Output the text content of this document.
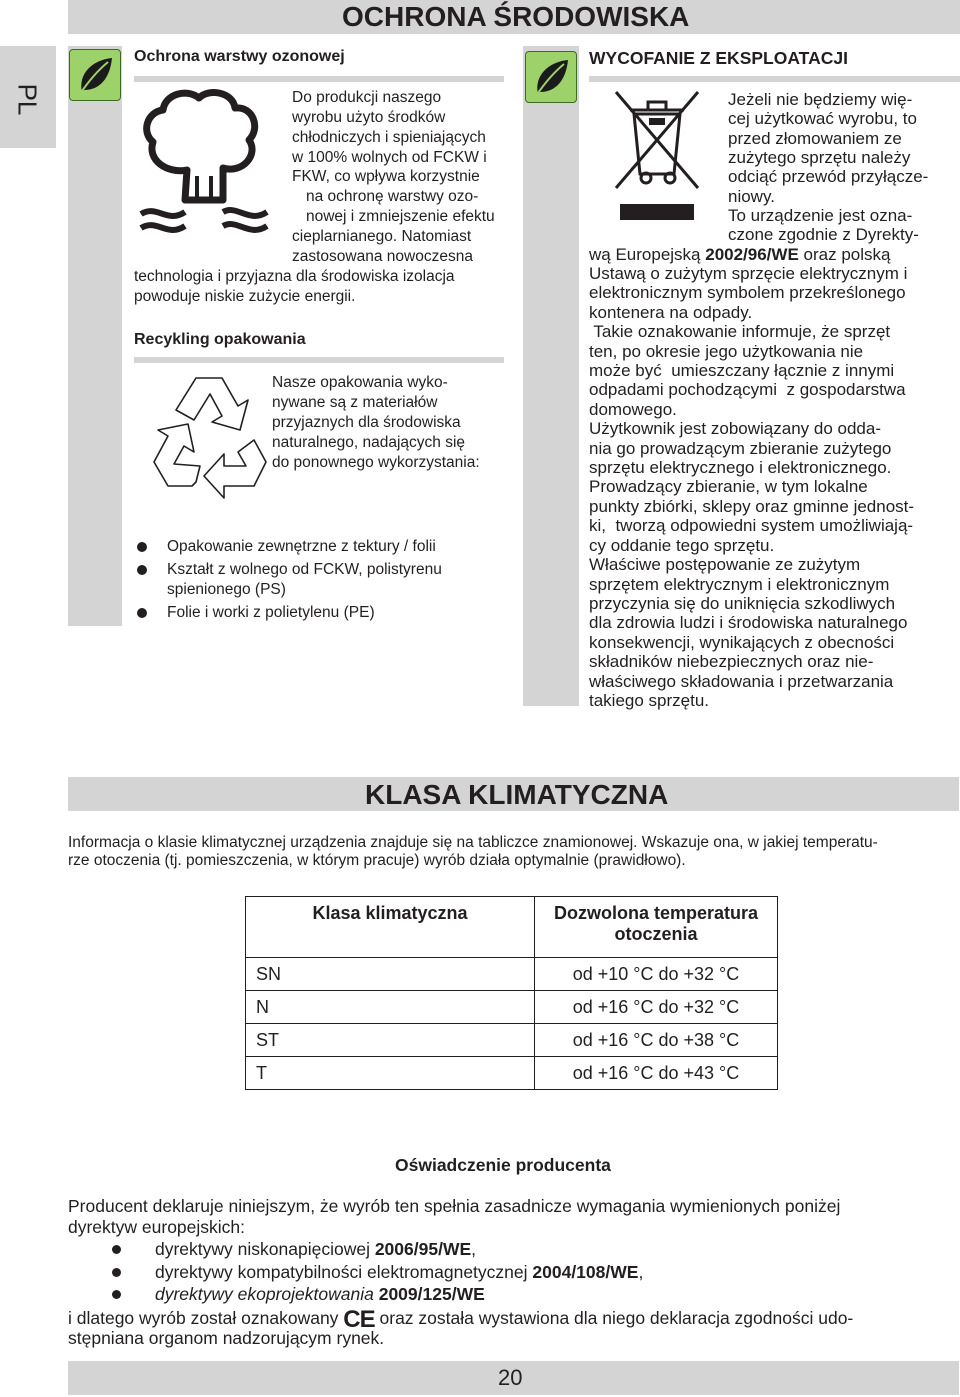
OCHRONA ŚRODOWISKA
PL
Ochrona warstwy ozonowej
Do produkcji naszego
wyrobu użyto środków
chłodniczych i spieniających
w 100% wolnych od FCKW i
FKW, co wpływa korzystnie
na ochronę warstwy ozo-
nowej i zmniejszenie efektu
cieplarnianego. Natomiast
zastosowana nowoczesna
technologia i przyjazna dla środowiska izolacja
powoduje niskie zużycie energii.
Recykling opakowania
Nasze opakowania wyko-
nywane są z materiałów
przyjaznych dla środowiska
naturalnego, nadających się
do ponownego wykorzystania:
Opakowanie zewnętrzne z tektury / folii
Kształt z wolnego od FCKW, polistyrenu
spienionego (PS)
Folie i worki z polietylenu (PE)
WYCOFANIE Z EKSPLOATACJI
Jeżeli nie będziemy wię-
cej użytkować wyrobu, to
przed złomowaniem ze
zużytego sprzętu należy
odciąć przewód przyłącze-
niowy.
To urządzenie jest ozna-
czone zgodnie z Dyrekty-
wą Europejską 2002/96/WE oraz polską
Ustawą o zużytym sprzęcie elektrycznym i
elektronicznym symbolem przekreślonego
kontenera na odpady.
Takie oznakowanie informuje, że sprzęt
ten, po okresie jego użytkowania nie
może być  umieszczany łącznie z innymi
odpadami pochodzącymi  z gospodarstwa
domowego.
Użytkownik jest zobowiązany do odda-
nia go prowadzącym zbieranie zużytego
sprzętu elektrycznego i elektronicznego.
Prowadzący zbieranie, w tym lokalne
punkty zbiórki, sklepy oraz gminne jednost-
ki,  tworzą odpowiedni system umożliwiają-
cy oddanie tego sprzętu.
Właściwe postępowanie ze zużytym
sprzętem elektrycznym i elektronicznym
przyczynia się do uniknięcia szkodliwych
dla zdrowia ludzi i środowiska naturalnego
konsekwencji, wynikających z obecności
składników niebezpiecznych oraz nie-
właściwego składowania i przetwarzania
takiego sprzętu.
KLASA KLIMATYCZNA
Informacja o klasie klimatycznej urządzenia znajduje się na tabliczce znamionowej. Wskazuje ona, w jakiej temperatu-
rze otoczenia (tj. pomieszczenia, w którym pracuje) wyrób działa optymalnie (prawidłowo).
Klasa klimatyczna	Dozwolona temperatura
otoczenia

SN	od +10 °C do +32 °C
N	od +16 °C do +32 °C
ST	od +16 °C do +38 °C
T	od +16 °C do +43 °C
Oświadczenie producenta
Producent deklaruje niniejszym, że wyrób ten spełnia zasadnicze wymagania wymienionych poniżej
dyrektyw europejskich:
dyrektywy niskonapięciowej 2006/95/WE,
dyrektywy kompatybilności elektromagnetycznej 2004/108/WE,
dyrektywy ekoprojektowania 2009/125/WE
i dlatego wyrób został oznakowany CE oraz została wystawiona dla niego deklaracja zgodności udo-
stępniana organom nadzorującym rynek.
20
